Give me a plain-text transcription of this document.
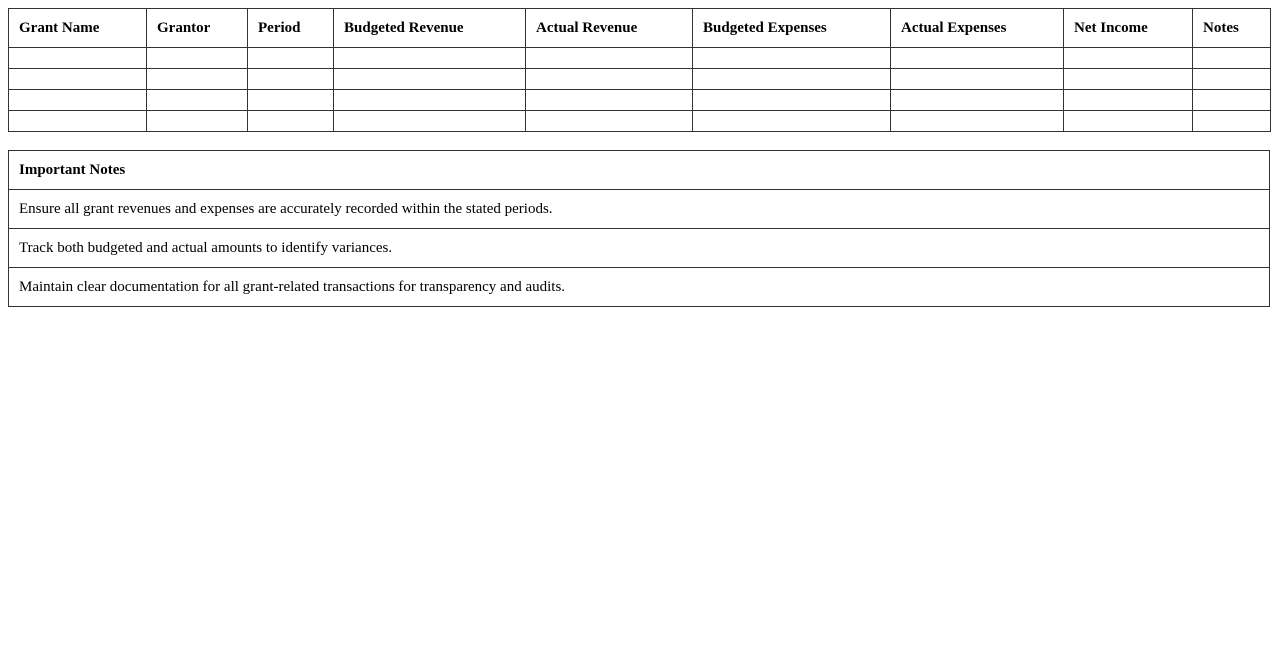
Grant Name	Grantor	Period	Budgeted Revenue	Actual Revenue	Budgeted Expenses	Actual Expenses	Net Income	Notes

Important Notes
Ensure all grant revenues and expenses are accurately recorded within the stated periods.
Track both budgeted and actual amounts to identify variances.
Maintain clear documentation for all grant-related transactions for transparency and audits.
